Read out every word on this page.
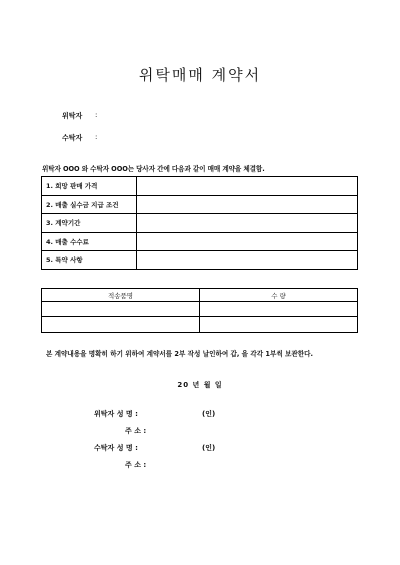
위탁매매 계약서
위탁자 :
수탁자 :
위탁자 OOO 와 수탁자 OOO는 당사자 간에 다음과 같이 매매 계약을 체결함.
1. 희망 판매 가격	
2. 매출 실수금 지급 조건	
3. 계약기간	
4. 매출 수수료	
5. 특약 사항	
적송품명	수 량

본 계약내용을 명확히 하기 위하여 계약서를 2부 작성 날인하여 갑, 을 각각 1부씩 보관한다.
20 년 월 일
위탁자 성 명 :	(인)
주 소 :
수탁자 성 명 :	(인)
주 소 :
